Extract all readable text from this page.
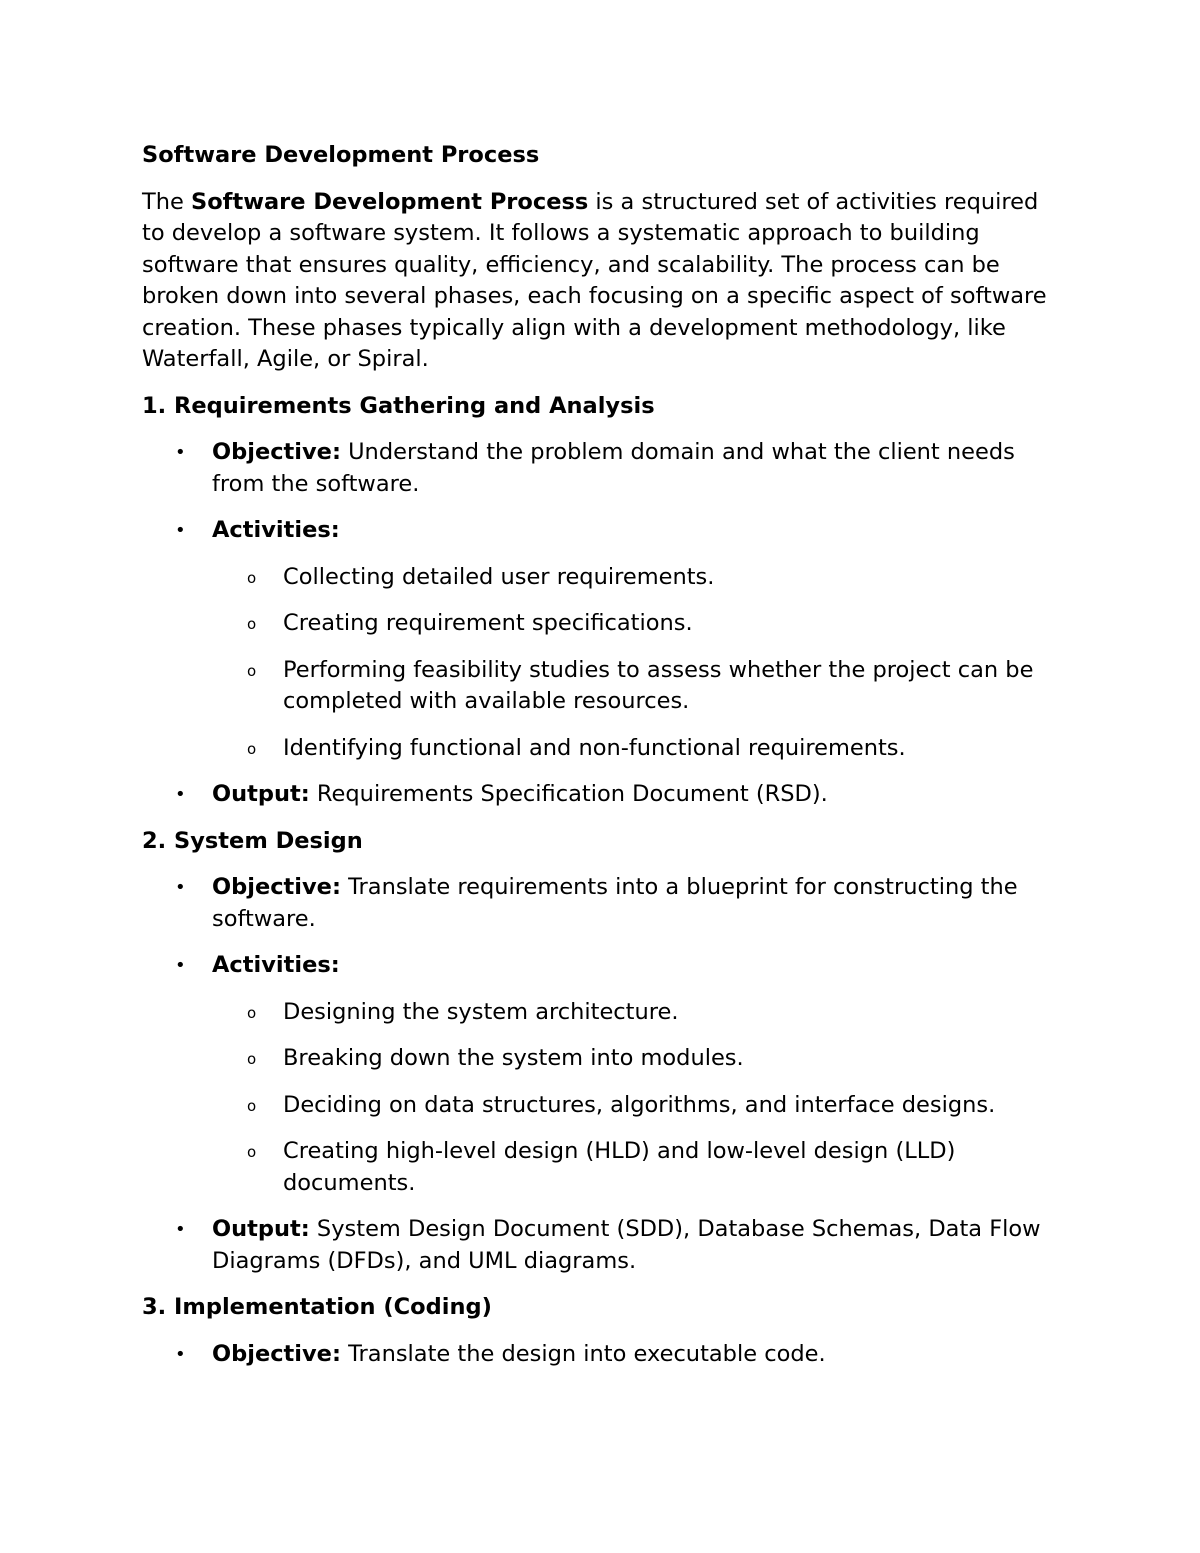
Software Development Process
The Software Development Process is a structured set of activities required to develop a software system. It follows a systematic approach to building software that ensures quality, efficiency, and scalability. The process can be broken down into several phases, each focusing on a specific aspect of software creation. These phases typically align with a development methodology, like Waterfall, Agile, or Spiral.
1. Requirements Gathering and Analysis
• Objective: Understand the problem domain and what the client needs from the software.
• Activities:
o Collecting detailed user requirements.
o Creating requirement specifications.
o Performing feasibility studies to assess whether the project can be completed with available resources.
o Identifying functional and non-functional requirements.
• Output: Requirements Specification Document (RSD).
2. System Design
• Objective: Translate requirements into a blueprint for constructing the software.
• Activities:
o Designing the system architecture.
o Breaking down the system into modules.
o Deciding on data structures, algorithms, and interface designs.
o Creating high-level design (HLD) and low-level design (LLD) documents.
• Output: System Design Document (SDD), Database Schemas, Data Flow Diagrams (DFDs), and UML diagrams.
3. Implementation (Coding)
• Objective: Translate the design into executable code.
